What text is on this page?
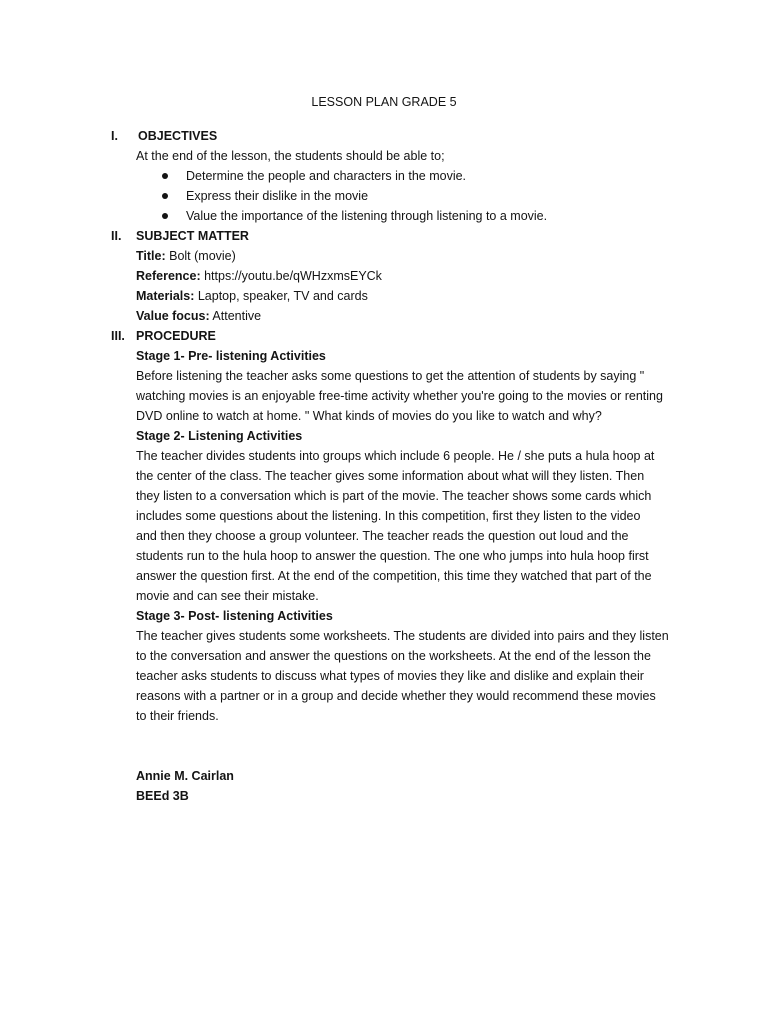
LESSON PLAN GRADE 5
I.	OBJECTIVES
At the end of the lesson, the students should be able to;
Determine the people and characters in the movie.
Express their dislike in the movie
Value the importance of the listening through listening to a movie.
II.	SUBJECT MATTER
Title: Bolt (movie)
Reference: https://youtu.be/qWHzxmsEYCk
Materials: Laptop, speaker, TV and cards
Value focus: Attentive
III. PROCEDURE
Stage 1- Pre- listening Activities
Before listening the teacher asks some questions to get the attention of students by saying "
watching movies is an enjoyable free-time activity whether you're going to the movies or renting
DVD online to watch at home. " What kinds of movies do you like to watch and why?
Stage 2- Listening Activities
The teacher divides students into groups which include 6 people. He / she puts a hula hoop at
the center of the class. The teacher gives some information about what will they listen. Then
they listen to a conversation which is part of the movie. The teacher shows some cards which
includes some questions about the listening. In this competition, first they listen to the video
and then they choose a group volunteer. The teacher reads the question out loud and the
students run to the hula hoop to answer the question. The one who jumps into hula hoop first
answer the question first. At the end of the competition, this time they watched that part of the
movie and can see their mistake.
Stage 3- Post- listening Activities
The teacher gives students some worksheets. The students are divided into pairs and they listen
to the conversation and answer the questions on the worksheets. At the end of the lesson the
teacher asks students to discuss what types of movies they like and dislike and explain their
reasons with a partner or in a group and decide whether they would recommend these movies
to their friends.
Annie M. Cairlan
BEEd 3B
